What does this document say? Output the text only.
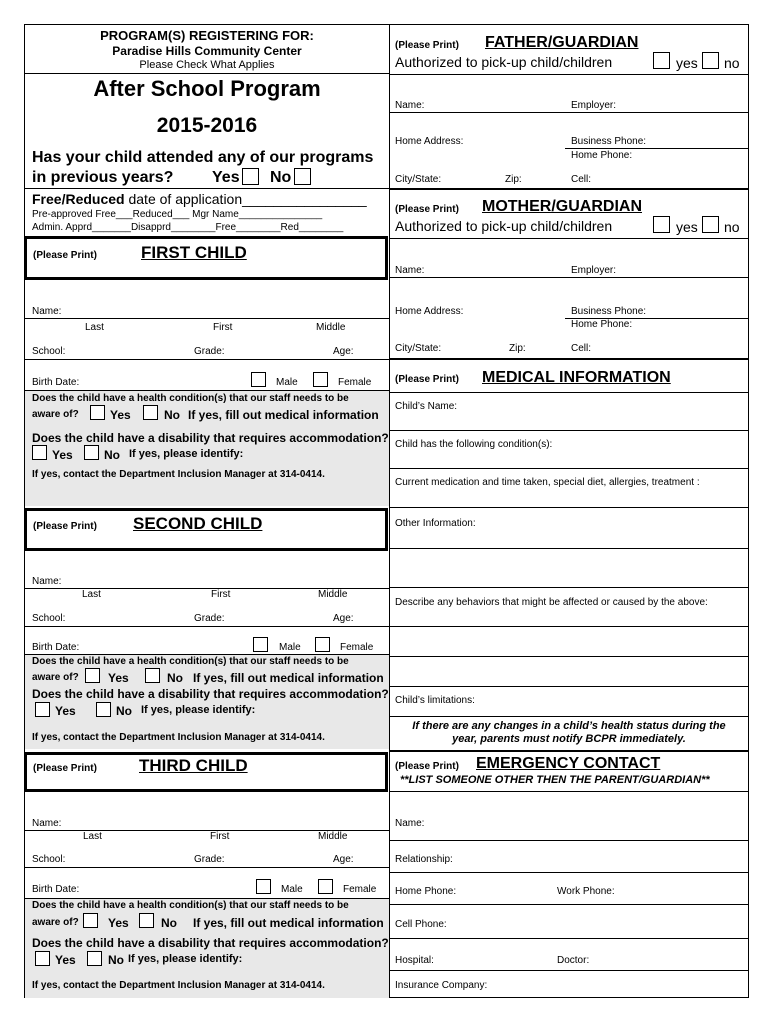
PROGRAM(S) REGISTERING FOR:
Paradise Hills Community Center
Please Check What Applies
After School Program
2015-2016
Has your child attended any of our programs
in previous years? Yes No
Free/Reduced date of application________________
Pre-approved Free___Reduced___ Mgr Name_______________
Admin. Apprd_______Disapprd________Free________Red________
(Please Print)	FIRST CHILD
Name:
Last	First	Middle
School:	Grade:	Age:
Birth Date:	Male	Female
Does the child have a health condition(s) that our staff needs to be
aware of?	Yes	No If yes, fill out medical information
Does the child have a disability that requires accommodation?
Yes	No If yes, please identify:
If yes, contact the Department Inclusion Manager at 314-0414.
(Please Print) SECOND CHILD
Name:
Last	First	Middle
School:	Grade:	Age:
Birth Date:	Male	Female
Does the child have a health condition(s) that our staff needs to be
aware of? Yes	No If yes, fill out medical information
Does the child have a disability that requires accommodation?
Yes	No If yes, please identify:
If yes, contact the Department Inclusion Manager at 314-0414.
(Please Print) THIRD CHILD
Name:
Last	First	Middle
School:	Grade:	Age:
Birth Date:	Male	Female
Does the child have a health condition(s) that our staff needs to be
aware of? Yes	No If yes, fill out medical information
Does the child have a disability that requires accommodation?
Yes	No If yes, please identify:
If yes, contact the Department Inclusion Manager at 314-0414.
(Please Print) FATHER/GUARDIAN
Authorized to pick-up child/children	yes no
Name:	Employer:
Home Address:	Business Phone:
Home Phone:
City/State:	Zip:	Cell:
(Please Print) MOTHER/GUARDIAN
Authorized to pick-up child/children	yes no
Name:	Employer:
Home Address:	Business Phone:
Home Phone:
City/State:	Zip:	Cell:
(Please Print) MEDICAL INFORMATION
Child’s Name:
Child has the following condition(s):
Current medication and time taken, special diet, allergies, treatment :
Other Information:
Describe any behaviors that might be affected or caused by the above:
Child’s limitations:
If there are any changes in a child’s health status during the
year, parents must notify BCPR immediately.
(Please Print) EMERGENCY CONTACT
**LIST SOMEONE OTHER THEN THE PARENT/GUARDIAN**
Name:
Relationship:
Home Phone:	Work Phone:
Cell Phone:
Hospital:	Doctor:
Insurance Company:
